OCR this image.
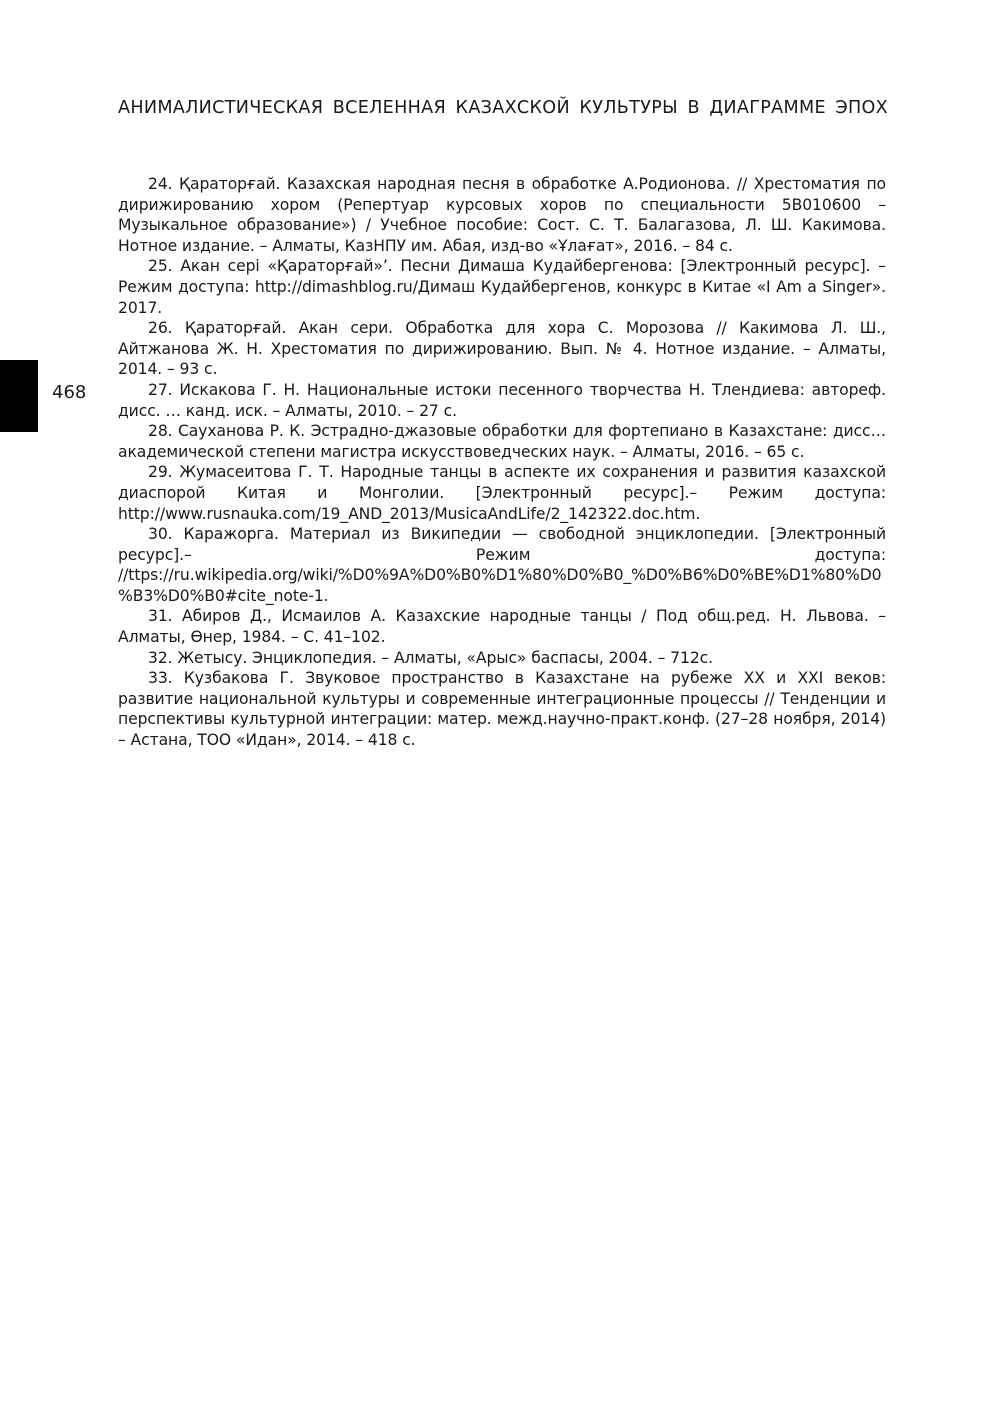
АНИМАЛИСТИЧЕСКАЯ ВСЕЛЕННАЯ КАЗАХСКОЙ КУЛЬТУРЫ В ДИАГРАММЕ ЭПОХ
468
24. Қараторғай. Казахская народная песня в обработке А.Родионова. // Хрестоматия по дирижированию хором (Репертуар курсовых хоров по специальности 5В010600 – Музыкальное образование») / Учебное пособие: Сост. С. Т. Балагазова, Л. Ш. Какимова. Нотное издание. – Алматы, КазНПУ им. Абая, изд-во «Ұлағат», 2016. – 84 с.
25. Акан серi «Қараторғай»’. Песни Димаша Кудайбергенова: [Электронный ресурс]. – Режим доступа: http://dimashblog.ru/Димаш Кудайбергенов, конкурс в Китае «I Am a Singer». 2017.
26. Қараторғай. Акан сери. Обработка для хора С. Морозова // Какимова Л. Ш., Айтжанова Ж. Н. Хрестоматия по дирижированию. Вып. № 4. Нотное издание. – Алматы, 2014. – 93 с.
27. Искакова Г. Н. Национальные истоки песенного творчества Н. Тлендиева: автореф. дисс. … канд. иск. – Алматы, 2010. – 27 с.
28. Сауханова Р. К. Эстрадно-джазовые обработки для фортепиано в Казахстане: дисс… академической степени магистра искусствоведческих наук. – Алматы, 2016. – 65 с.
29. Жумасеитова Г. Т. Народные танцы в аспекте их сохранения и развития казахской диаспорой Китая и Монголии. [Электронный ресурс].– Режим доступа: http://www.rusnauka.com/19_AND_2013/MusicaAndLife/2_142322.doc.htm.
30. Каражорга. Материал из Википедии — свободной энциклопедии. [Электронный ресурс].– Режим доступа: //ttps://ru.wikipedia.org/wiki/%D0%9A%D0%B0%D1%80%D0%B0_%D0%B6%D0%BE%D1%80%D0%B3%D0%B0#cite_note-1.
31. Абиров Д., Исмаилов А. Казахские народные танцы / Под общ.ред. Н. Львова. – Алматы, Өнер, 1984. – С. 41–102.
32. Жетысу. Энциклопедия. – Алматы, «Арыс» баспасы, 2004. – 712с.
33. Кузбакова Г. Звуковое пространство в Казахстане на рубеже XX и XXI веков: развитие национальной культуры и современные интеграционные процессы // Тенденции и перспективы культурной интеграции: матер. межд.научно-практ.конф. (27–28 ноября, 2014) – Астана, ТОО «Идан», 2014. – 418 с.
